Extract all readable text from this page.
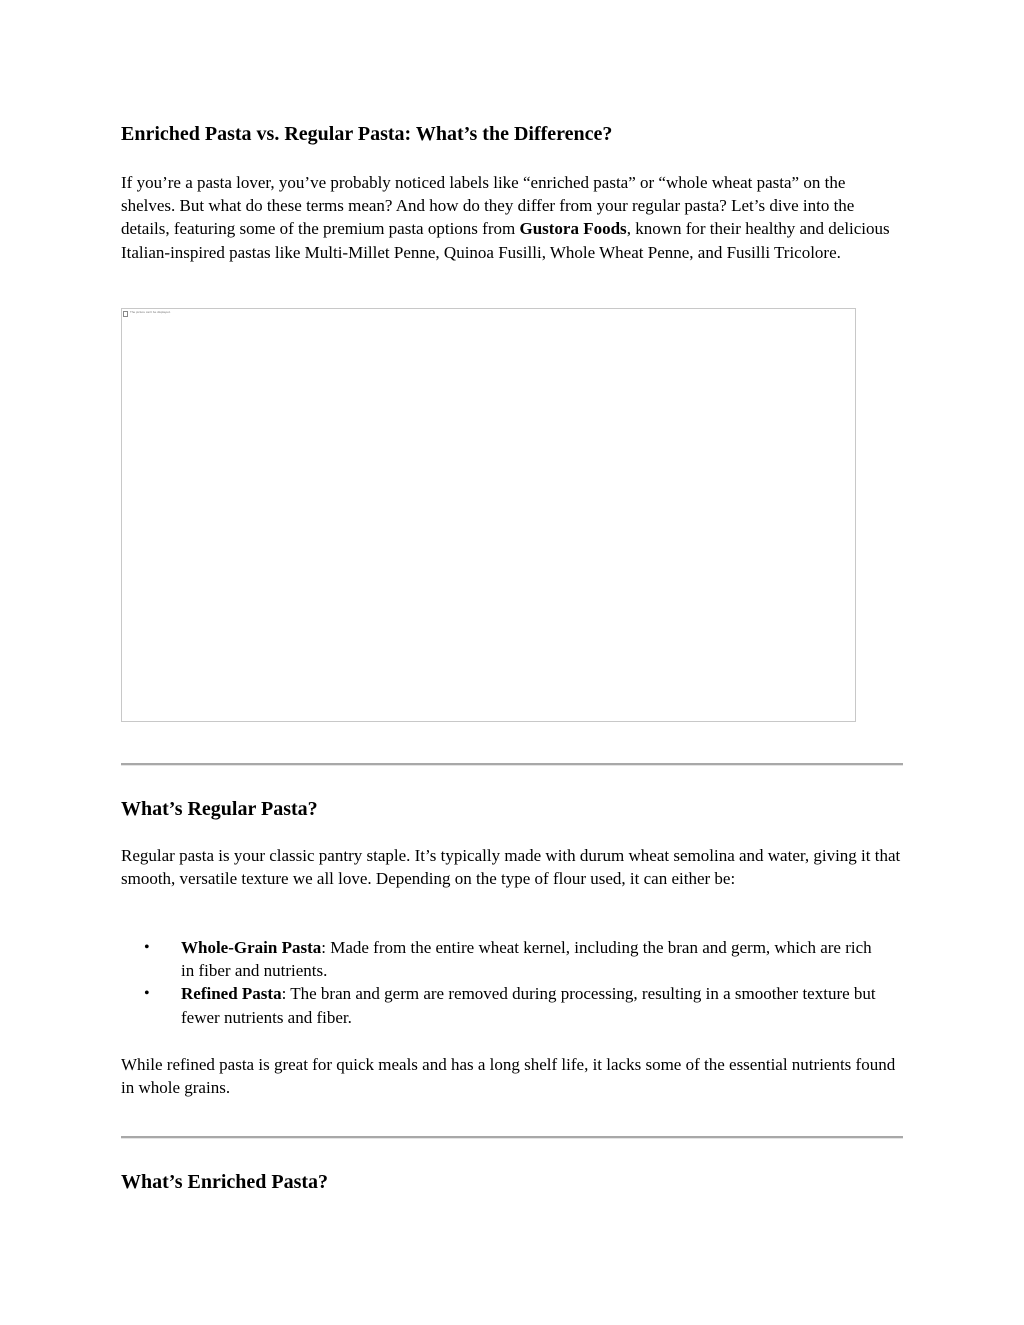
Enriched Pasta vs. Regular Pasta: What’s the Difference?

If you’re a pasta lover, you’ve probably noticed labels like “enriched pasta” or “whole wheat pasta” on the shelves. But what do these terms mean? And how do they differ from your regular pasta? Let’s dive into the details, featuring some of the premium pasta options from Gustora Foods, known for their healthy and delicious Italian-inspired pastas like Multi-Millet Penne, Quinoa Fusilli, Whole Wheat Penne, and Fusilli Tricolore.

The picture can't be displayed.
What’s Regular Pasta?

Regular pasta is your classic pantry staple. It’s typically made with durum wheat semolina and water, giving it that smooth, versatile texture we all love. Depending on the type of flour used, it can either be:

• Whole-Grain Pasta: Made from the entire wheat kernel, including the bran and germ, which are rich in fiber and nutrients.
• Refined Pasta: The bran and germ are removed during processing, resulting in a smoother texture but fewer nutrients and fiber.

While refined pasta is great for quick meals and has a long shelf life, it lacks some of the essential nutrients found in whole grains.

What’s Enriched Pasta?
